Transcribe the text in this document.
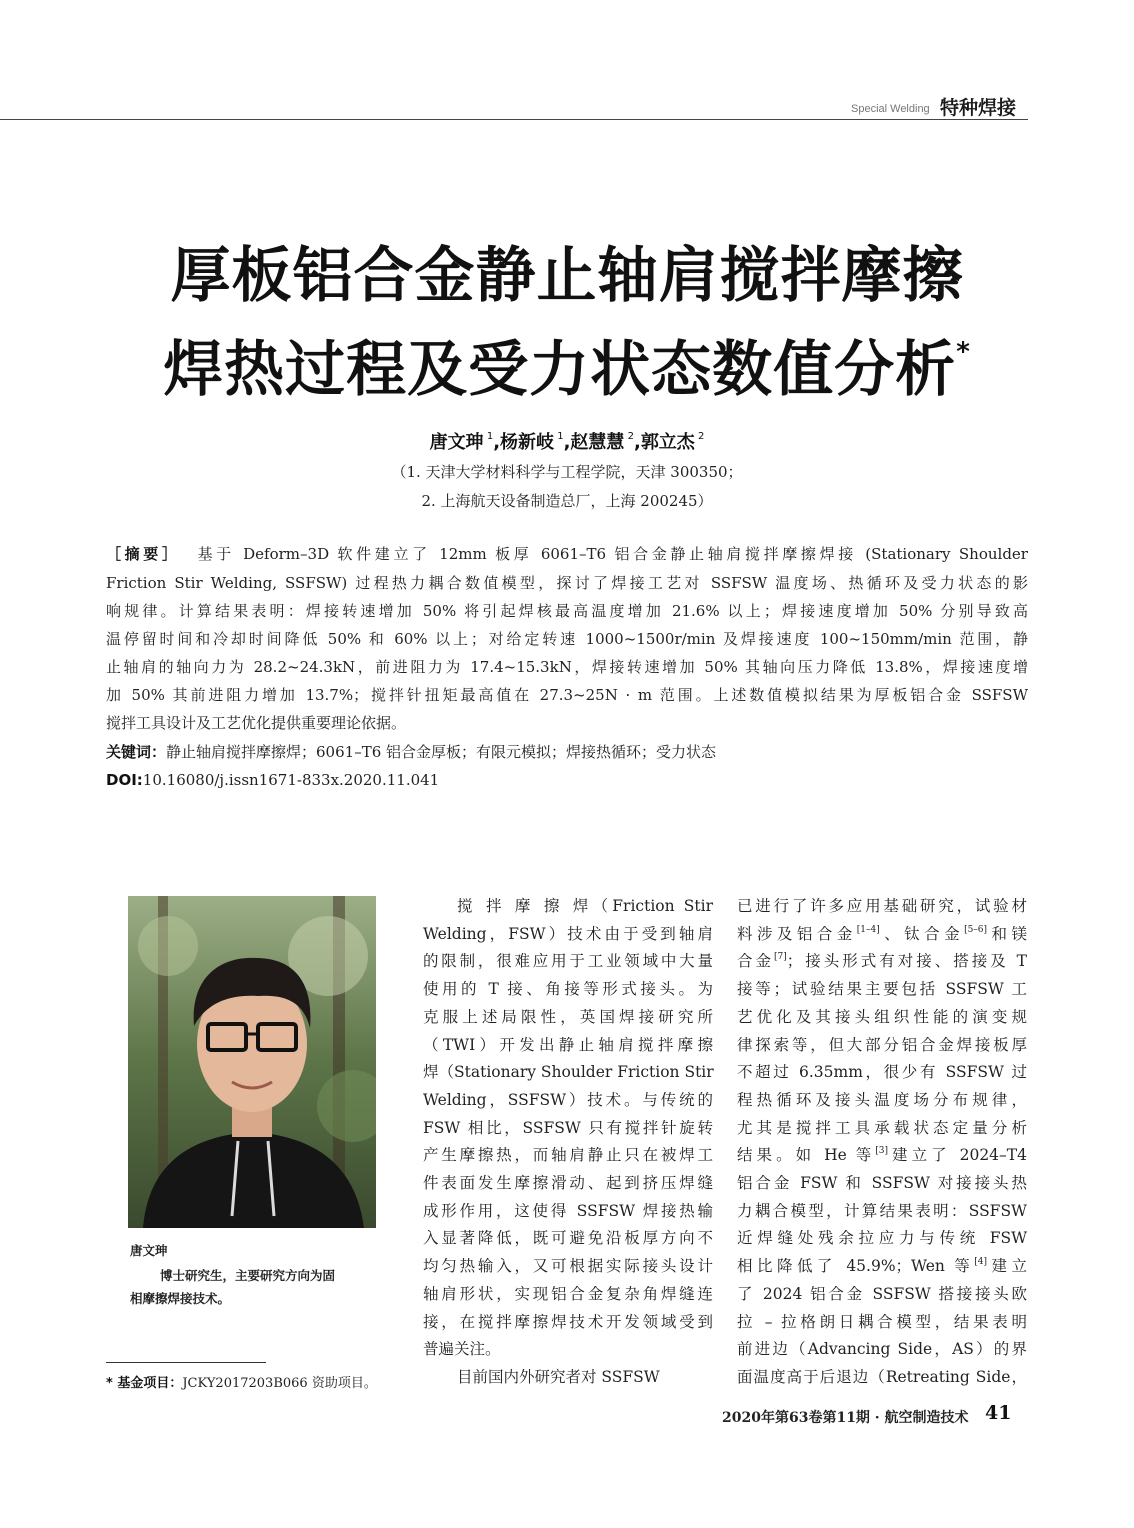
Special Welding 特种焊接
厚板铝合金静止轴肩搅拌摩擦
焊热过程及受力状态数值分析*
唐文珅 $^1$,杨新岐 $^1$,赵慧慧 $^2$,郭立杰 $^2$
（1. 天津大学材料科学与工程学院，天津 300350；
2. 上海航天设备制造总厂，上海 200245）
［摘要］ 基于 Deform–3D 软件建立了 12mm 板厚 6061–T6 铝合金静止轴肩搅拌摩擦焊接 (Stationary Shoulder
Friction Stir Welding, SSFSW) 过程热力耦合数值模型，探讨了焊接工艺对 SSFSW 温度场、热循环及受力状态的影
响规律。计算结果表明：焊接转速增加 50% 将引起焊核最高温度增加 21.6% 以上；焊接速度增加 50% 分别导致高
温停留时间和冷却时间降低 50% 和 60% 以上；对给定转速 1000~1500r/min 及焊接速度 100~150mm/min 范围，静
止轴肩的轴向力为 28.2~24.3kN，前进阻力为 17.4~15.3kN，焊接转速增加 50% 其轴向压力降低 13.8%，焊接速度增
加 50% 其前进阻力增加 13.7%；搅拌针扭矩最高值在 27.3~25N · m 范围。上述数值模拟结果为厚板铝合金 SSFSW
搅拌工具设计及工艺优化提供重要理论依据。
关键词：静止轴肩搅拌摩擦焊；6061–T6 铝合金厚板；有限元模拟；焊接热循环；受力状态
DOI:10.16080/j.issn1671-833x.2020.11.041
唐文珅
博士研究生，主要研究方向为固
相摩擦焊接技术。
* 基金项目：JCKY2017203B066 资助项目。
搅 拌 摩 擦 焊（Friction Stir
Welding，FSW）技术由于受到轴肩
的限制，很难应用于工业领域中大量
使用的 T 接、角接等形式接头。为
克服上述局限性，英国焊接研究所
（TWI）开发出静止轴肩搅拌摩擦
焊（Stationary Shoulder Friction Stir
Welding，SSFSW）技术。与传统的
FSW 相比，SSFSW 只有搅拌针旋转
产生摩擦热，而轴肩静止只在被焊工
件表面发生摩擦滑动、起到挤压焊缝
成形作用，这使得 SSFSW 焊接热输
入显著降低，既可避免沿板厚方向不
均匀热输入，又可根据实际接头设计
轴肩形状，实现铝合金复杂角焊缝连
接，在搅拌摩擦焊技术开发领域受到
普遍关注。
目前国内外研究者对 SSFSW
已进行了许多应用基础研究，试验材
料涉及铝合金[1–4]、钛合金[5–6]和镁
合金[7]；接头形式有对接、搭接及 T
接等；试验结果主要包括 SSFSW 工
艺优化及其接头组织性能的演变规
律探索等，但大部分铝合金焊接板厚
不超过 6.35mm，很少有 SSFSW 过
程热循环及接头温度场分布规律，
尤其是搅拌工具承载状态定量分析
结果。如 He 等[3]建立了 2024–T4
铝合金 FSW 和 SSFSW 对接接头热
力耦合模型，计算结果表明：SSFSW
近焊缝处残余拉应力与传统 FSW
相比降低了 45.9%；Wen 等[4]建立
了 2024 铝合金 SSFSW 搭接接头欧
拉 – 拉格朗日耦合模型，结果表明
前进边（Advancing Side，AS）的界
面温度高于后退边（Retreating Side，
2020年第63卷第11期 · 航空制造技术 41
